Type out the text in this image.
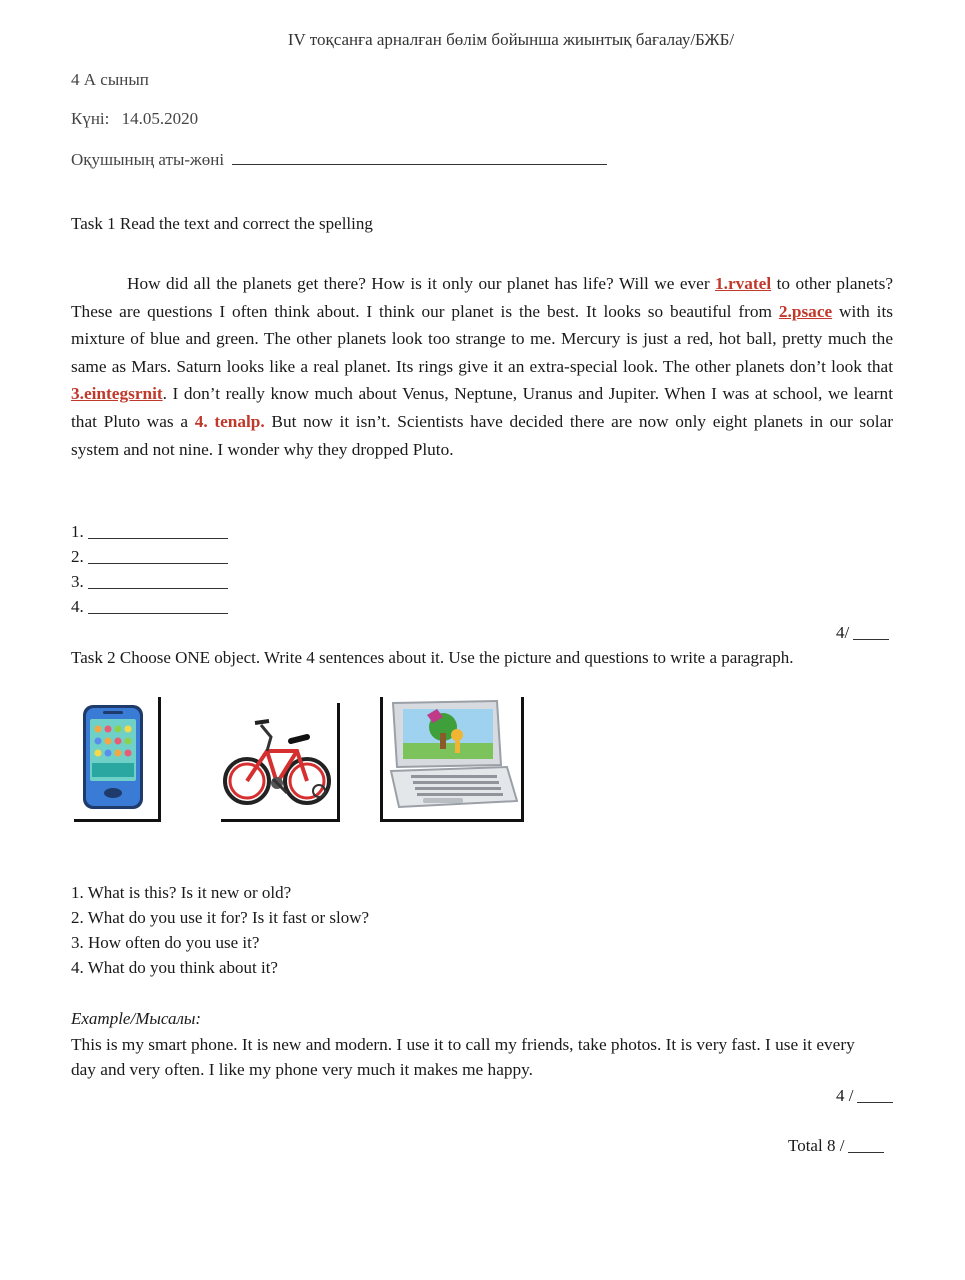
IV тоқсанға арналған бөлім бойынша жиынтық бағалау/БЖБ/
4 А сынып
Күні: 14.05.2020
Оқушының аты-жөні
Task 1 Read the text and correct the spelling
How did all the planets get there? How is it only our planet has life? Will we ever 1.rvatel to other planets? These are questions I often think about. I think our planet is the best. It looks so beautiful from 2.psace with its mixture of blue and green. The other planets look too strange to me. Mercury is just a red, hot ball, pretty much the same as Mars. Saturn looks like a real planet. Its rings give it an extra-special look. The other planets don’t look that 3.eintegsrnit. I don’t really know much about Venus, Neptune, Uranus and Jupiter. When I was at school, we learnt that Pluto was a 4. tenalp. But now it isn’t. Scientists have decided there are now only eight planets in our solar system and not nine. I wonder why they dropped Pluto.
1.
2.
3.
4.
4/
Task 2 Choose ONE object. Write 4 sentences about it. Use the picture and questions to write a paragraph.
1. What is this? Is it new or old?
2. What do you use it for? Is it fast or slow?
3. How often do you use it?
4. What do you think about it?
Example/Мысалы:
This is my smart phone. It is new and modern. I use it to call my friends, take photos. It is very fast. I use it every day and very often. I like my phone very much it makes me happy.
4 /
Total 8 /
